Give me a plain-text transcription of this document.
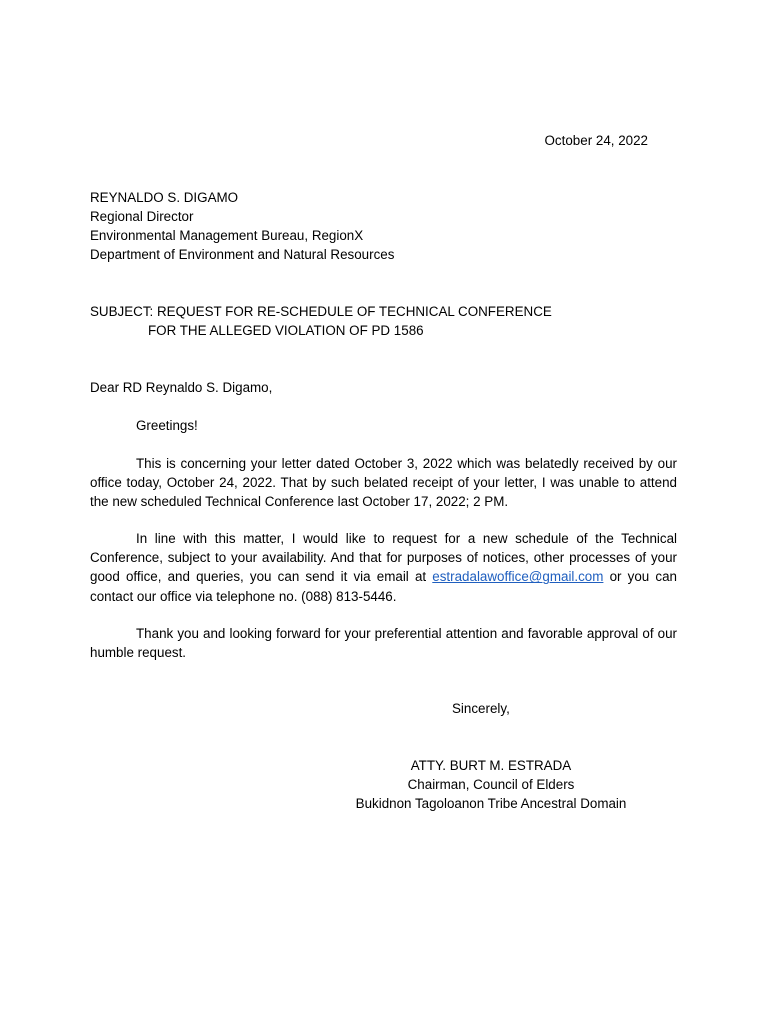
October 24, 2022
REYNALDO S. DIGAMO
Regional Director
Environmental Management Bureau, RegionX
Department of Environment and Natural Resources
SUBJECT: REQUEST FOR RE-SCHEDULE OF TECHNICAL CONFERENCE
FOR THE ALLEGED VIOLATION OF PD 1586
Dear RD Reynaldo S. Digamo,
Greetings!

This is concerning your letter dated October 3, 2022 which was belatedly received by our office today, October 24, 2022. That by such belated receipt of your letter, I was unable to attend the new scheduled Technical Conference last October 17, 2022; 2 PM.

In line with this matter, I would like to request for a new schedule of the Technical Conference, subject to your availability. And that for purposes of notices, other processes of your good office, and queries, you can send it via email at estradalawoffice@gmail.com or you can contact our office via telephone no. (088) 813-5446.

Thank you and looking forward for your preferential attention and favorable approval of our humble request.

Sincerely,
ATTY. BURT M. ESTRADA
Chairman, Council of Elders
Bukidnon Tagoloanon Tribe Ancestral Domain
